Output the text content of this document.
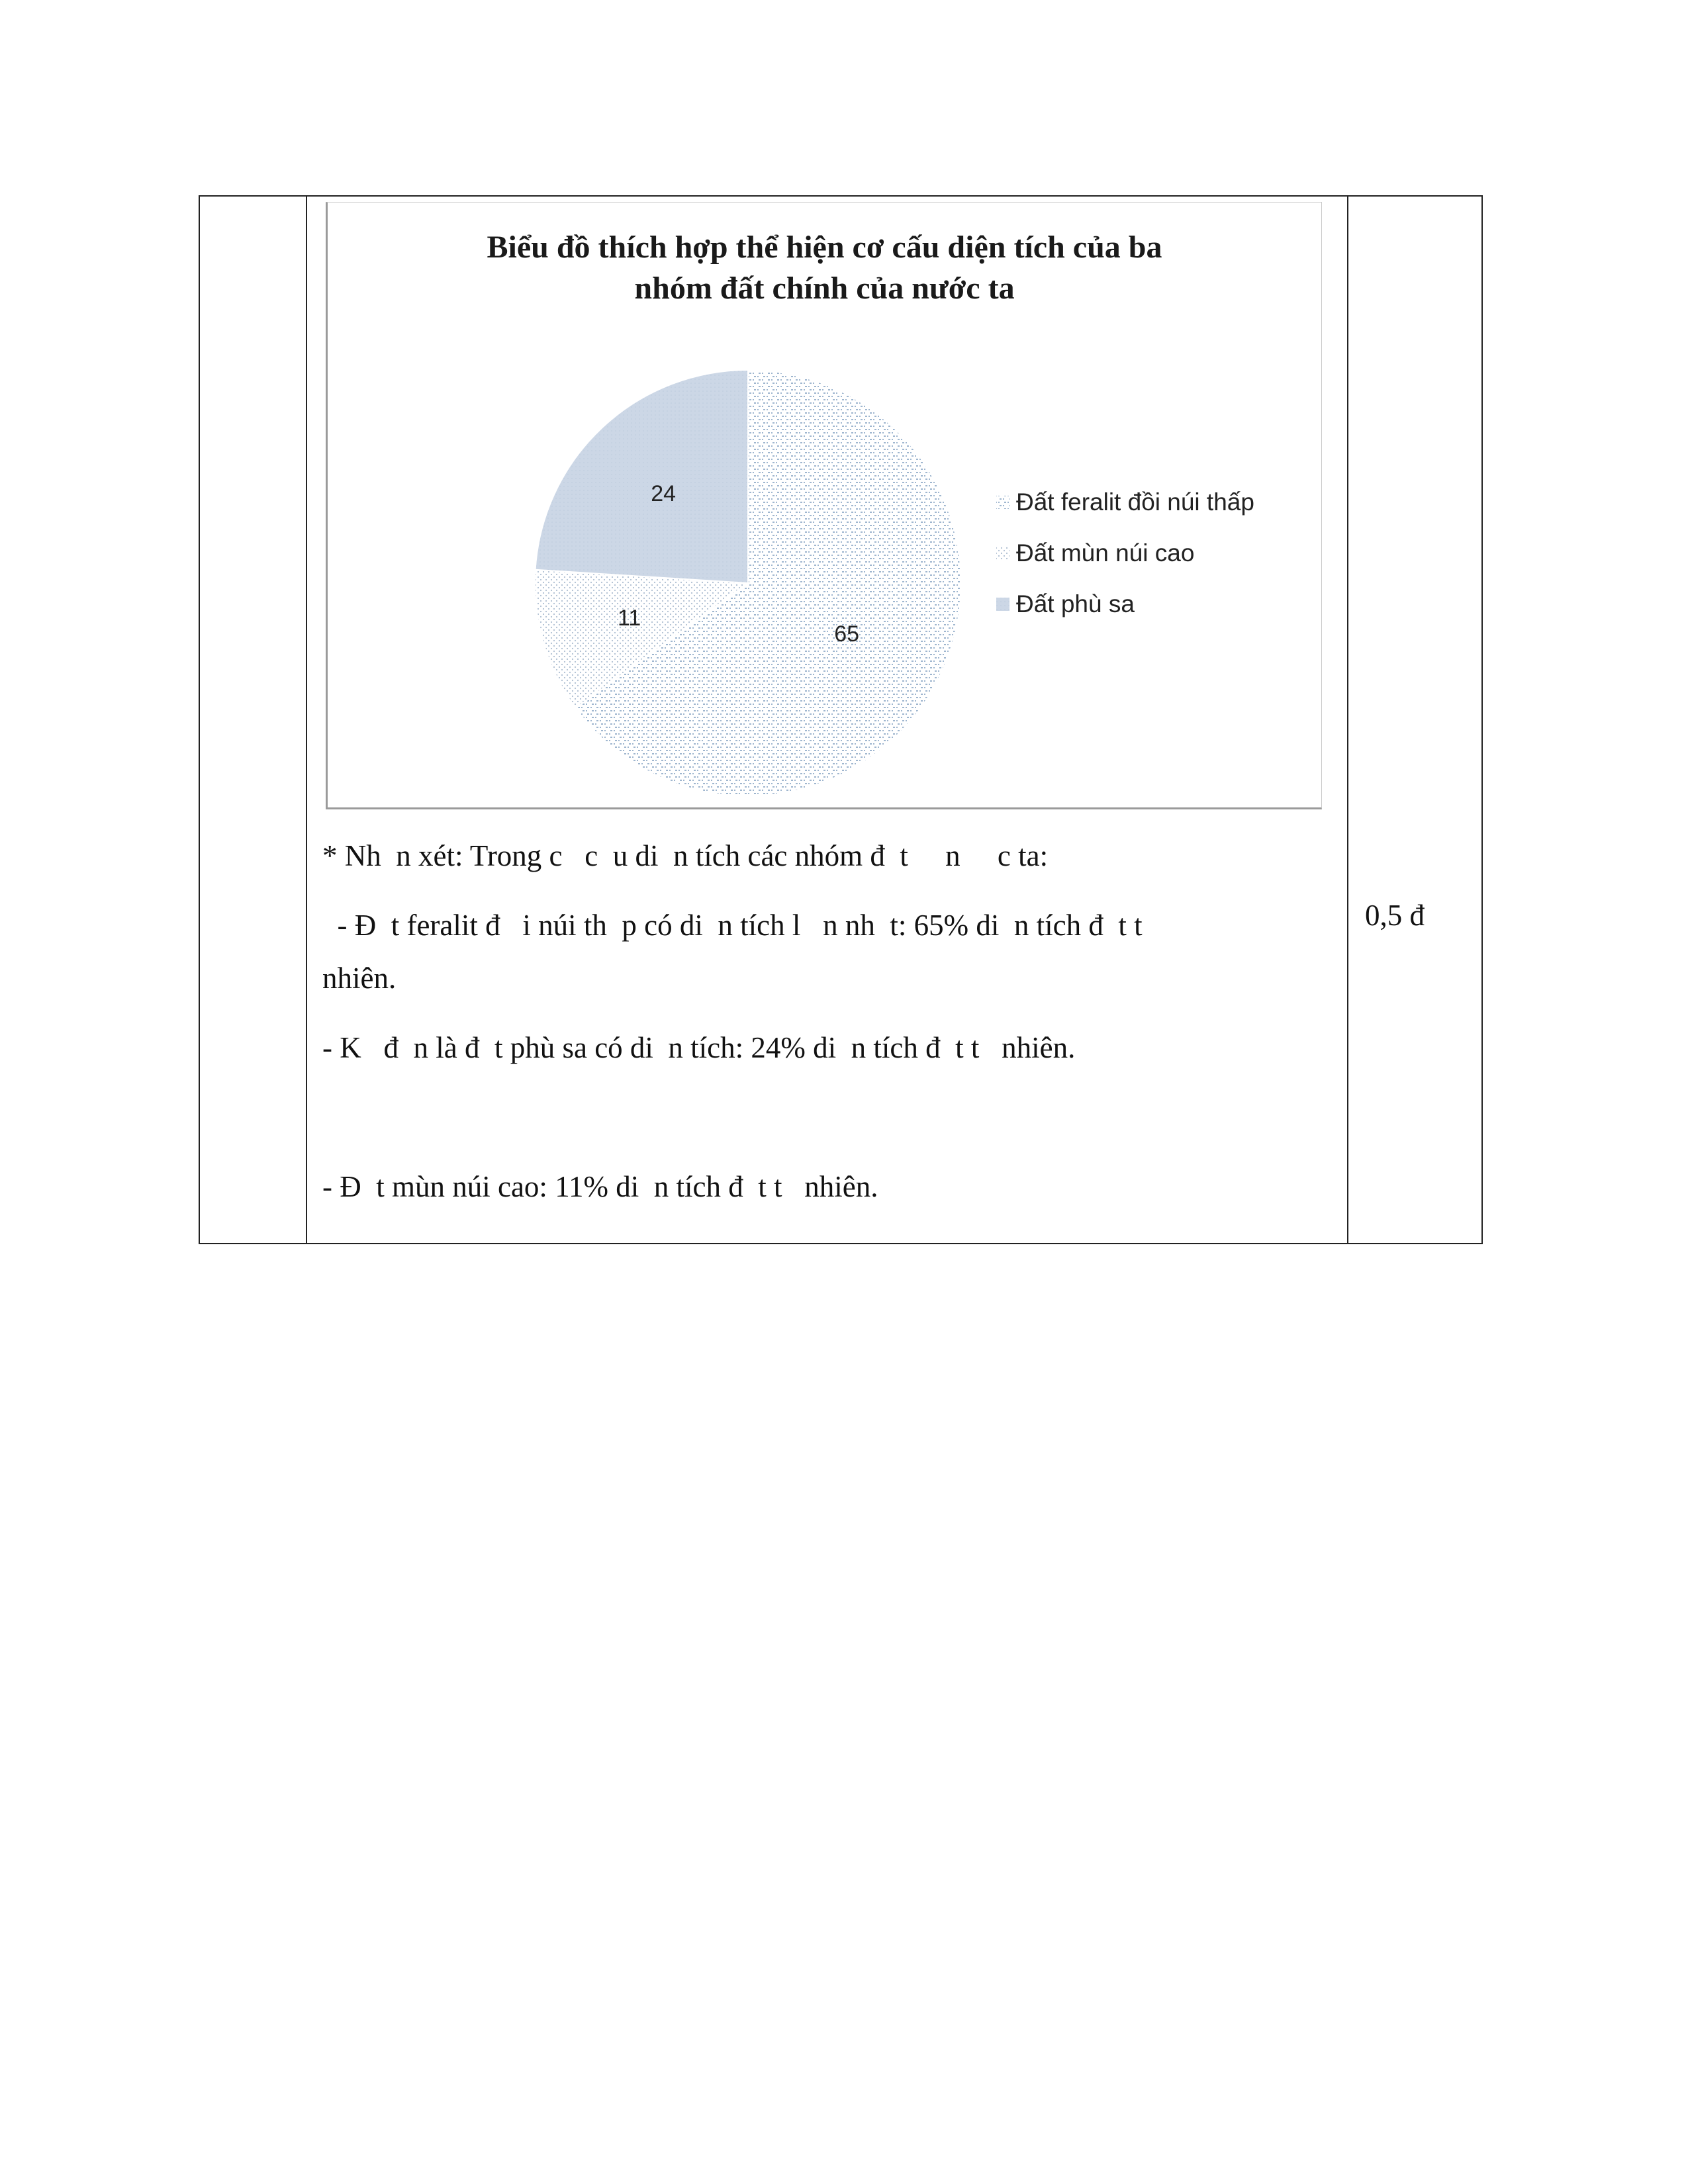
Biểu đồ thích hợp thể hiện cơ cấu diện tích của ba
nhóm đất chính của nước ta
65
11
24	Đất feralit đồi núi thấp
Đất mùn núi cao
Đất phù sa
* Nh  n xét: Trong c   c  u di  n tích các nhóm đ  t     n     c ta:
- Đ  t feralit đ   i núi th  p có di  n tích l   n nh  t: 65% di  n tích đ  t t
nhiên.
- K   đ  n là đ  t phù sa có di  n tích: 24% di  n tích đ  t t   nhiên.
- Đ  t mùn núi cao: 11% di  n tích đ  t t   nhiên.
0,5 đ
